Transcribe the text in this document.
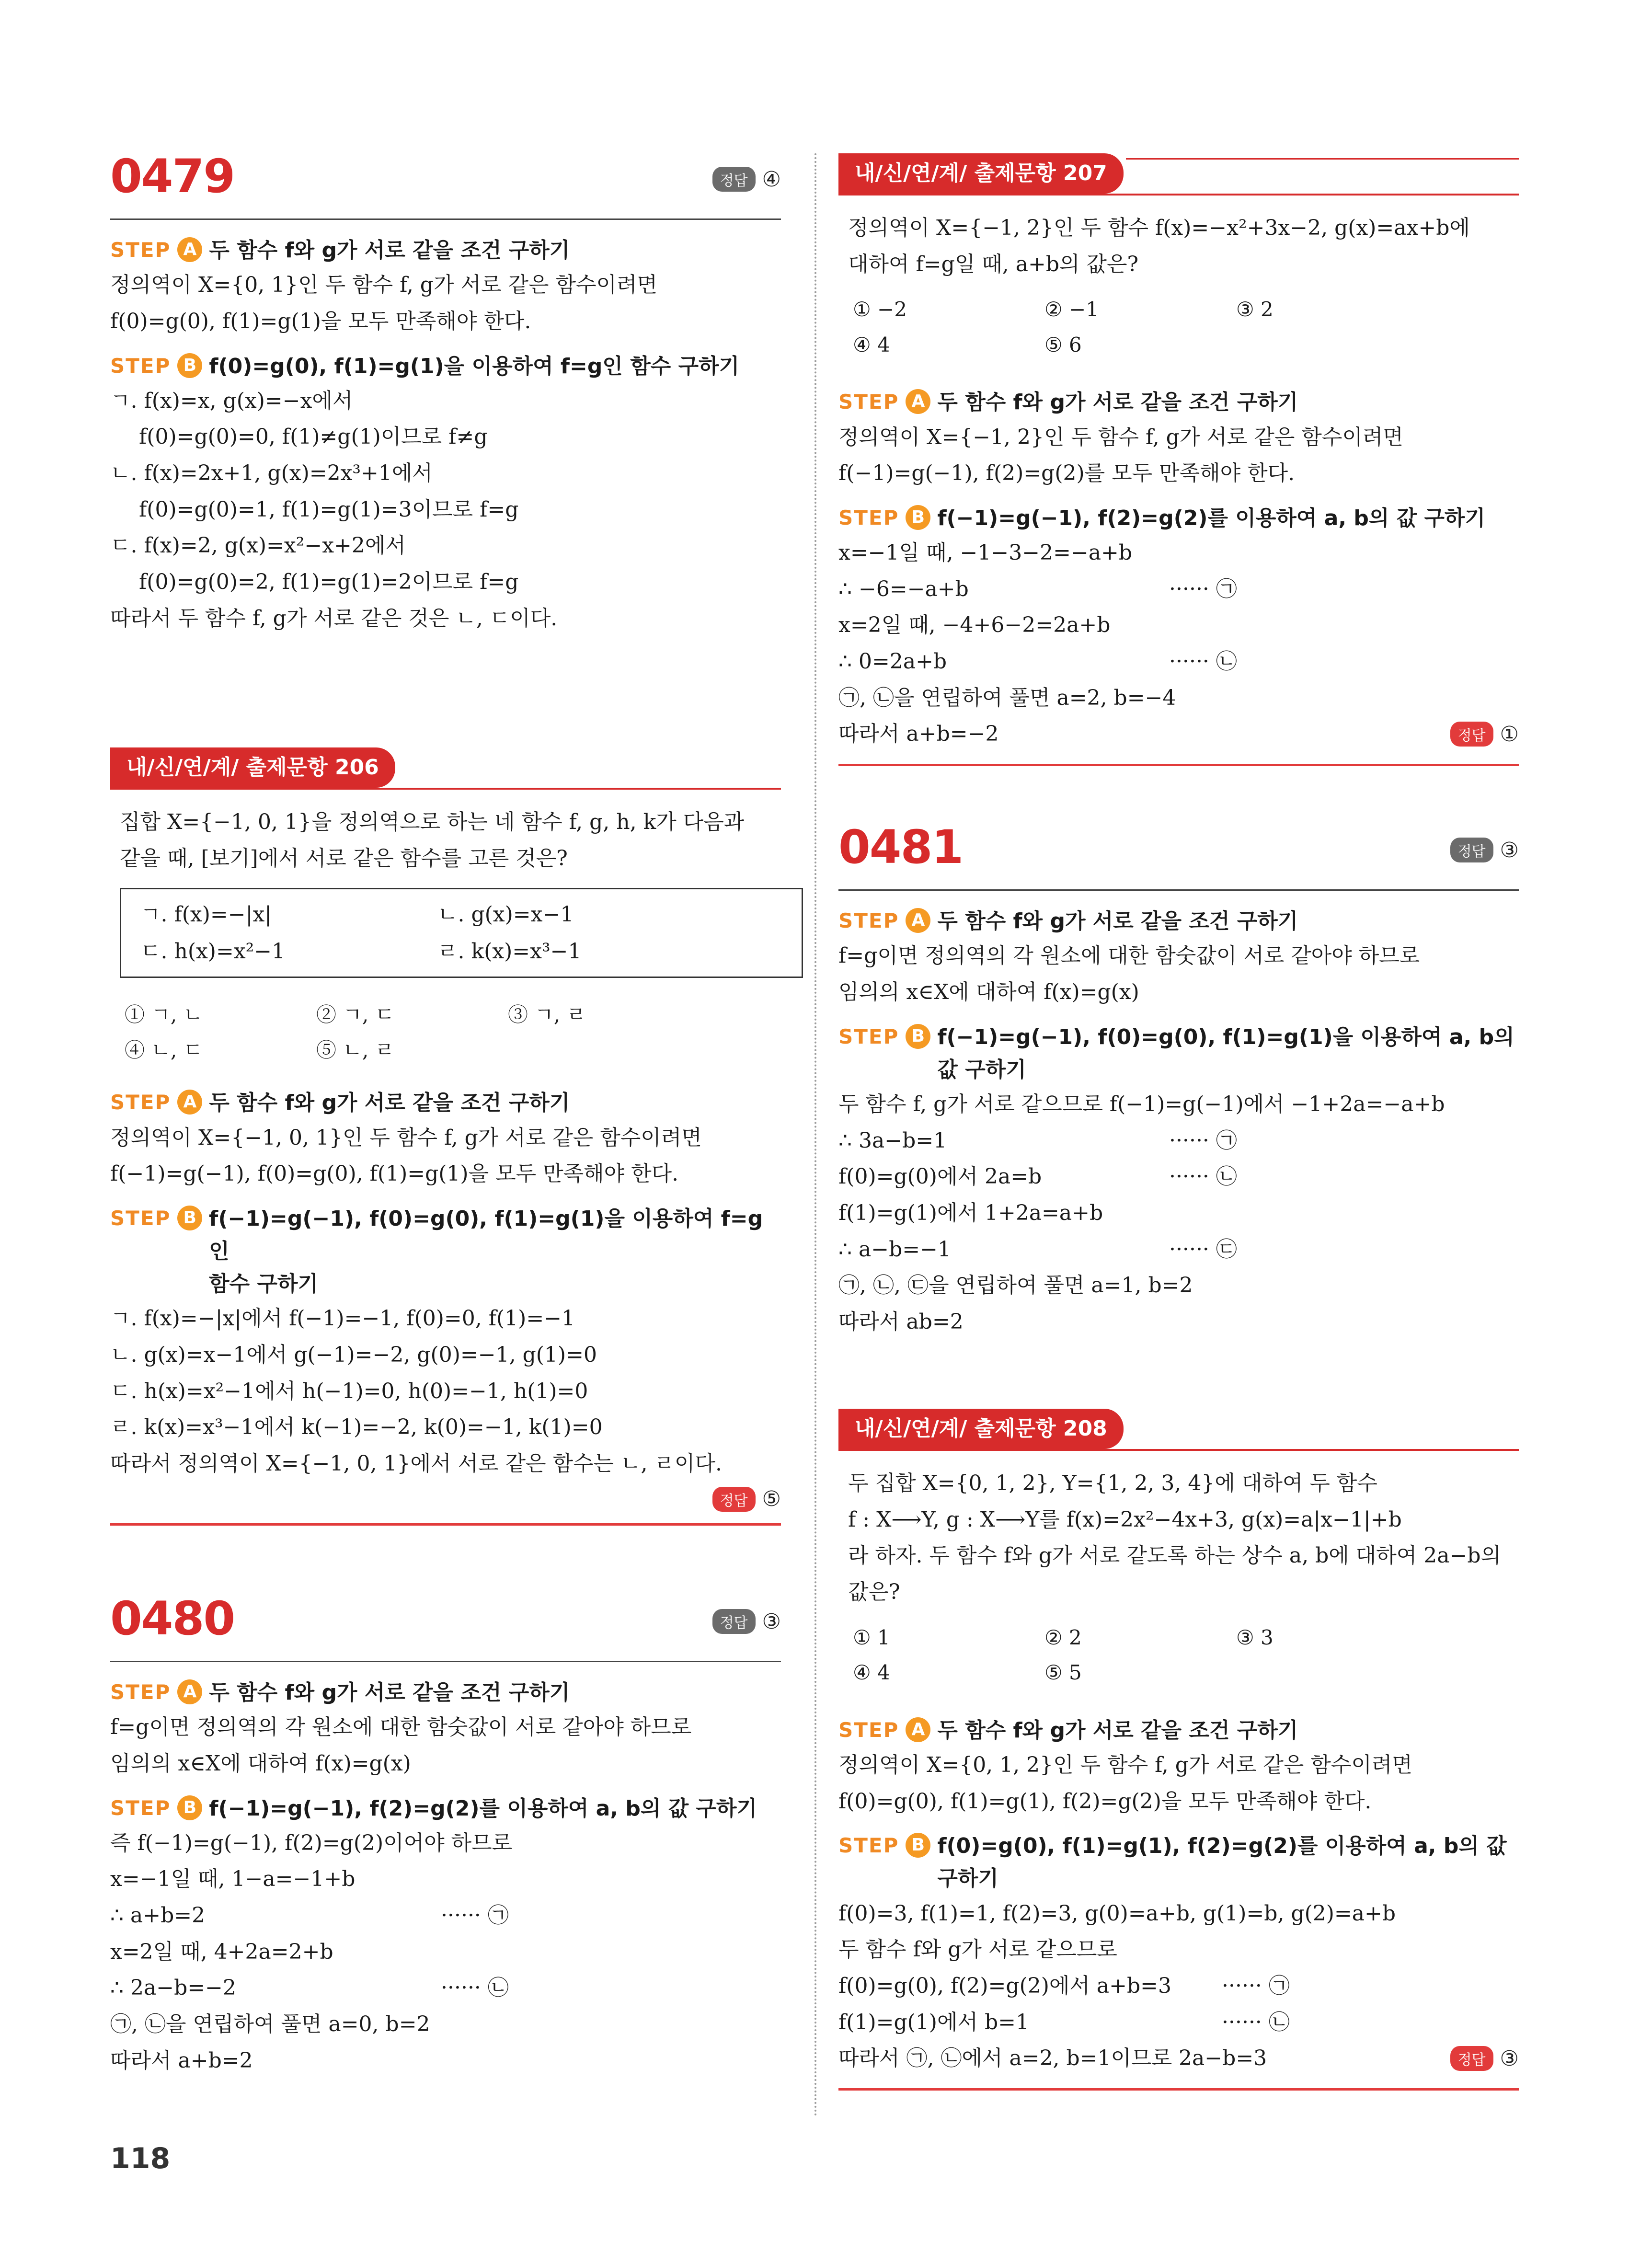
0479	정답 ④
STEP A 두 함수 f와 g가 서로 같을 조건 구하기
정의역이 X={0, 1}인 두 함수 f, g가 서로 같은 함수이려면
f(0)=g(0), f(1)=g(1)을 모두 만족해야 한다.
STEP B f(0)=g(0), f(1)=g(1)을 이용하여 f=g인 함수 구하기
ㄱ. f(x)=x, g(x)=−x에서
f(0)=g(0)=0, f(1)≠g(1)이므로 f≠g
ㄴ. f(x)=2x+1, g(x)=2x³+1에서
f(0)=g(0)=1, f(1)=g(1)=3이므로 f=g
ㄷ. f(x)=2, g(x)=x²−x+2에서
f(0)=g(0)=2, f(1)=g(1)=2이므로 f=g
따라서 두 함수 f, g가 서로 같은 것은 ㄴ, ㄷ이다.
내/신/연/계/ 출제문항 206
집합 X={−1, 0, 1}을 정의역으로 하는 네 함수 f, g, h, k가 다음과
같을 때, [보기]에서 서로 같은 함수를 고른 것은?
ㄱ. f(x)=−|x|	ㄴ. g(x)=x−1
ㄷ. h(x)=x²−1	ㄹ. k(x)=x³−1
① ㄱ, ㄴ	② ㄱ, ㄷ	③ ㄱ, ㄹ
④ ㄴ, ㄷ	⑤ ㄴ, ㄹ
STEP A 두 함수 f와 g가 서로 같을 조건 구하기
정의역이 X={−1, 0, 1}인 두 함수 f, g가 서로 같은 함수이려면
f(−1)=g(−1), f(0)=g(0), f(1)=g(1)을 모두 만족해야 한다.
STEP B f(−1)=g(−1), f(0)=g(0), f(1)=g(1)을 이용하여 f=g인
함수 구하기
ㄱ. f(x)=−|x|에서 f(−1)=−1, f(0)=0, f(1)=−1
ㄴ. g(x)=x−1에서 g(−1)=−2, g(0)=−1, g(1)=0
ㄷ. h(x)=x²−1에서 h(−1)=0, h(0)=−1, h(1)=0
ㄹ. k(x)=x³−1에서 k(−1)=−2, k(0)=−1, k(1)=0
따라서 정의역이 X={−1, 0, 1}에서 서로 같은 함수는 ㄴ, ㄹ이다.
정답 ⑤
0480	정답 ③
STEP A 두 함수 f와 g가 서로 같을 조건 구하기
f=g이면 정의역의 각 원소에 대한 함숫값이 서로 같아야 하므로
임의의 x∈X에 대하여 f(x)=g(x)
STEP B f(−1)=g(−1), f(2)=g(2)를 이용하여 a, b의 값 구하기
즉 f(−1)=g(−1), f(2)=g(2)이어야 하므로
x=−1일 때, 1−a=−1+b
∴ a+b=2	······ ㉠
x=2일 때, 4+2a=2+b
∴ 2a−b=−2	······ ㉡
㉠, ㉡을 연립하여 풀면 a=0, b=2
따라서 a+b=2
내/신/연/계/ 출제문항 207
정의역이 X={−1, 2}인 두 함수 f(x)=−x²+3x−2, g(x)=ax+b에
대하여 f=g일 때, a+b의 값은?
① −2	② −1	③ 2
④ 4	⑤ 6
STEP A 두 함수 f와 g가 서로 같을 조건 구하기
정의역이 X={−1, 2}인 두 함수 f, g가 서로 같은 함수이려면
f(−1)=g(−1), f(2)=g(2)를 모두 만족해야 한다.
STEP B f(−1)=g(−1), f(2)=g(2)를 이용하여 a, b의 값 구하기
x=−1일 때, −1−3−2=−a+b
∴ −6=−a+b	······ ㉠
x=2일 때, −4+6−2=2a+b
∴ 0=2a+b	······ ㉡
㉠, ㉡을 연립하여 풀면 a=2, b=−4
따라서 a+b=−2	정답 ①
0481	정답 ③
STEP A 두 함수 f와 g가 서로 같을 조건 구하기
f=g이면 정의역의 각 원소에 대한 함숫값이 서로 같아야 하므로
임의의 x∈X에 대하여 f(x)=g(x)
STEP B f(−1)=g(−1), f(0)=g(0), f(1)=g(1)을 이용하여 a, b의
값 구하기
두 함수 f, g가 서로 같으므로 f(−1)=g(−1)에서 −1+2a=−a+b
∴ 3a−b=1	······ ㉠
f(0)=g(0)에서 2a=b	······ ㉡
f(1)=g(1)에서 1+2a=a+b
∴ a−b=−1	······ ㉢
㉠, ㉡, ㉢을 연립하여 풀면 a=1, b=2
따라서 ab=2
내/신/연/계/ 출제문항 208
두 집합 X={0, 1, 2}, Y={1, 2, 3, 4}에 대하여 두 함수
f : X⟶Y, g : X⟶Y를 f(x)=2x²−4x+3, g(x)=a|x−1|+b
라 하자. 두 함수 f와 g가 서로 같도록 하는 상수 a, b에 대하여 2a−b의
값은?
① 1	② 2	③ 3
④ 4	⑤ 5
STEP A 두 함수 f와 g가 서로 같을 조건 구하기
정의역이 X={0, 1, 2}인 두 함수 f, g가 서로 같은 함수이려면
f(0)=g(0), f(1)=g(1), f(2)=g(2)을 모두 만족해야 한다.
STEP B f(0)=g(0), f(1)=g(1), f(2)=g(2)를 이용하여 a, b의 값
구하기
f(0)=3, f(1)=1, f(2)=3, g(0)=a+b, g(1)=b, g(2)=a+b
두 함수 f와 g가 서로 같으므로
f(0)=g(0), f(2)=g(2)에서 a+b=3	······ ㉠
f(1)=g(1)에서 b=1	······ ㉡
따라서 ㉠, ㉡에서 a=2, b=1이므로 2a−b=3	정답 ③
118
